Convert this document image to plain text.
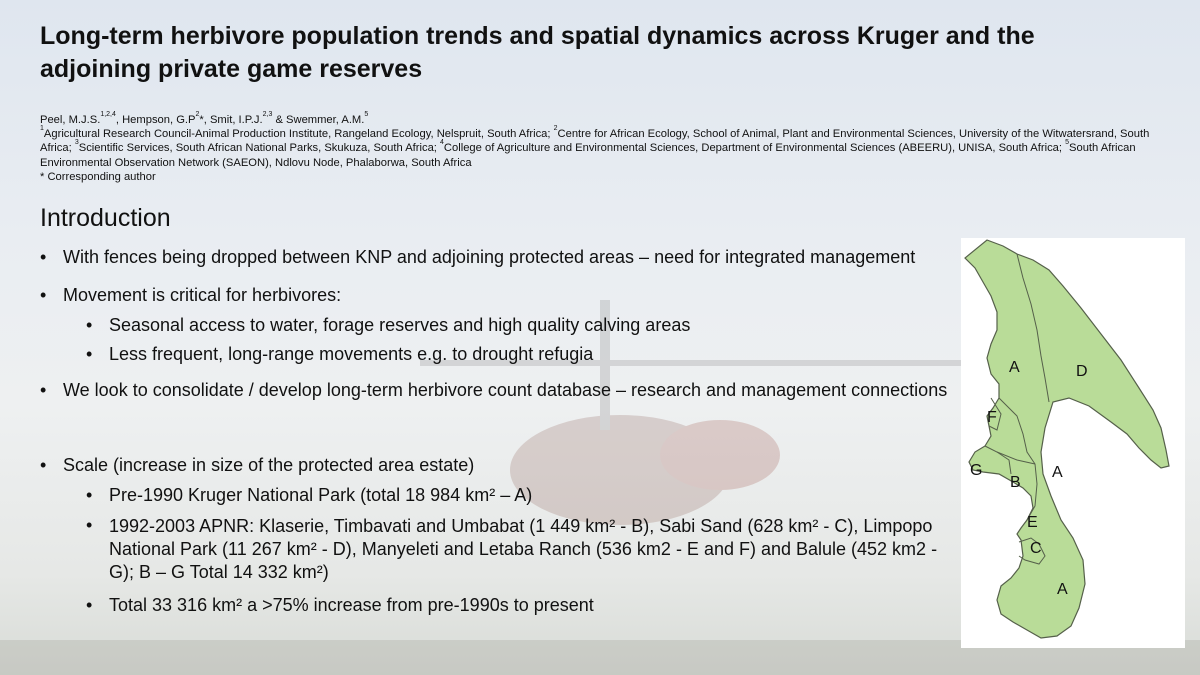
Long-term herbivore population trends and spatial dynamics across Kruger and the adjoining private game reserves
Peel, M.J.S.$^{1,2,4}$, Hempson, $G.P^2*$, Smit, I.P.J.$^{2,3}$ & Swemmer, A.M.$^5$
$^1$Agricultural Research Council-Animal Production Institute, Rangeland Ecology, Nelspruit, South Africa; $^2$Centre for African Ecology, School of Animal, Plant and Environmental Sciences, University of the Witwatersrand, South Africa; $^3$Scientific Services, South African National Parks, Skukuza, South Africa; $^4$College of Agriculture and Environmental Sciences, Department of Environmental Sciences (ABEERU), UNISA, South Africa; $^5$South African Environmental Observation Network (SAEON), Ndlovu Node, Phalaborwa, South Africa
* Corresponding author
Introduction
• With fences being dropped between KNP and adjoining protected areas – need for integrated management
• Movement is critical for herbivores:
• Seasonal access to water, forage reserves and high quality calving areas
• Less frequent, long-range movements e.g. to drought refugia
• We look to consolidate / develop long-term herbivore count database – research and management connections
• Scale (increase in size of the protected area estate)
• Pre-1990 Kruger National Park (total 18 984 km² – A)
• 1992-2003 APNR: Klaserie, Timbavati and Umbabat (1 449 km² - B), Sabi Sand (628 km² - C), Limpopo National Park (11 267 km² - D), Manyeleti and Letaba Ranch (536 km2 - E and F) and Balule (452 km2 - G); B – G Total 14 332 km²)
• Total 33 316 km² a >75% increase from pre-1990s to present
A	D
F
G
B
A
E
C
A
